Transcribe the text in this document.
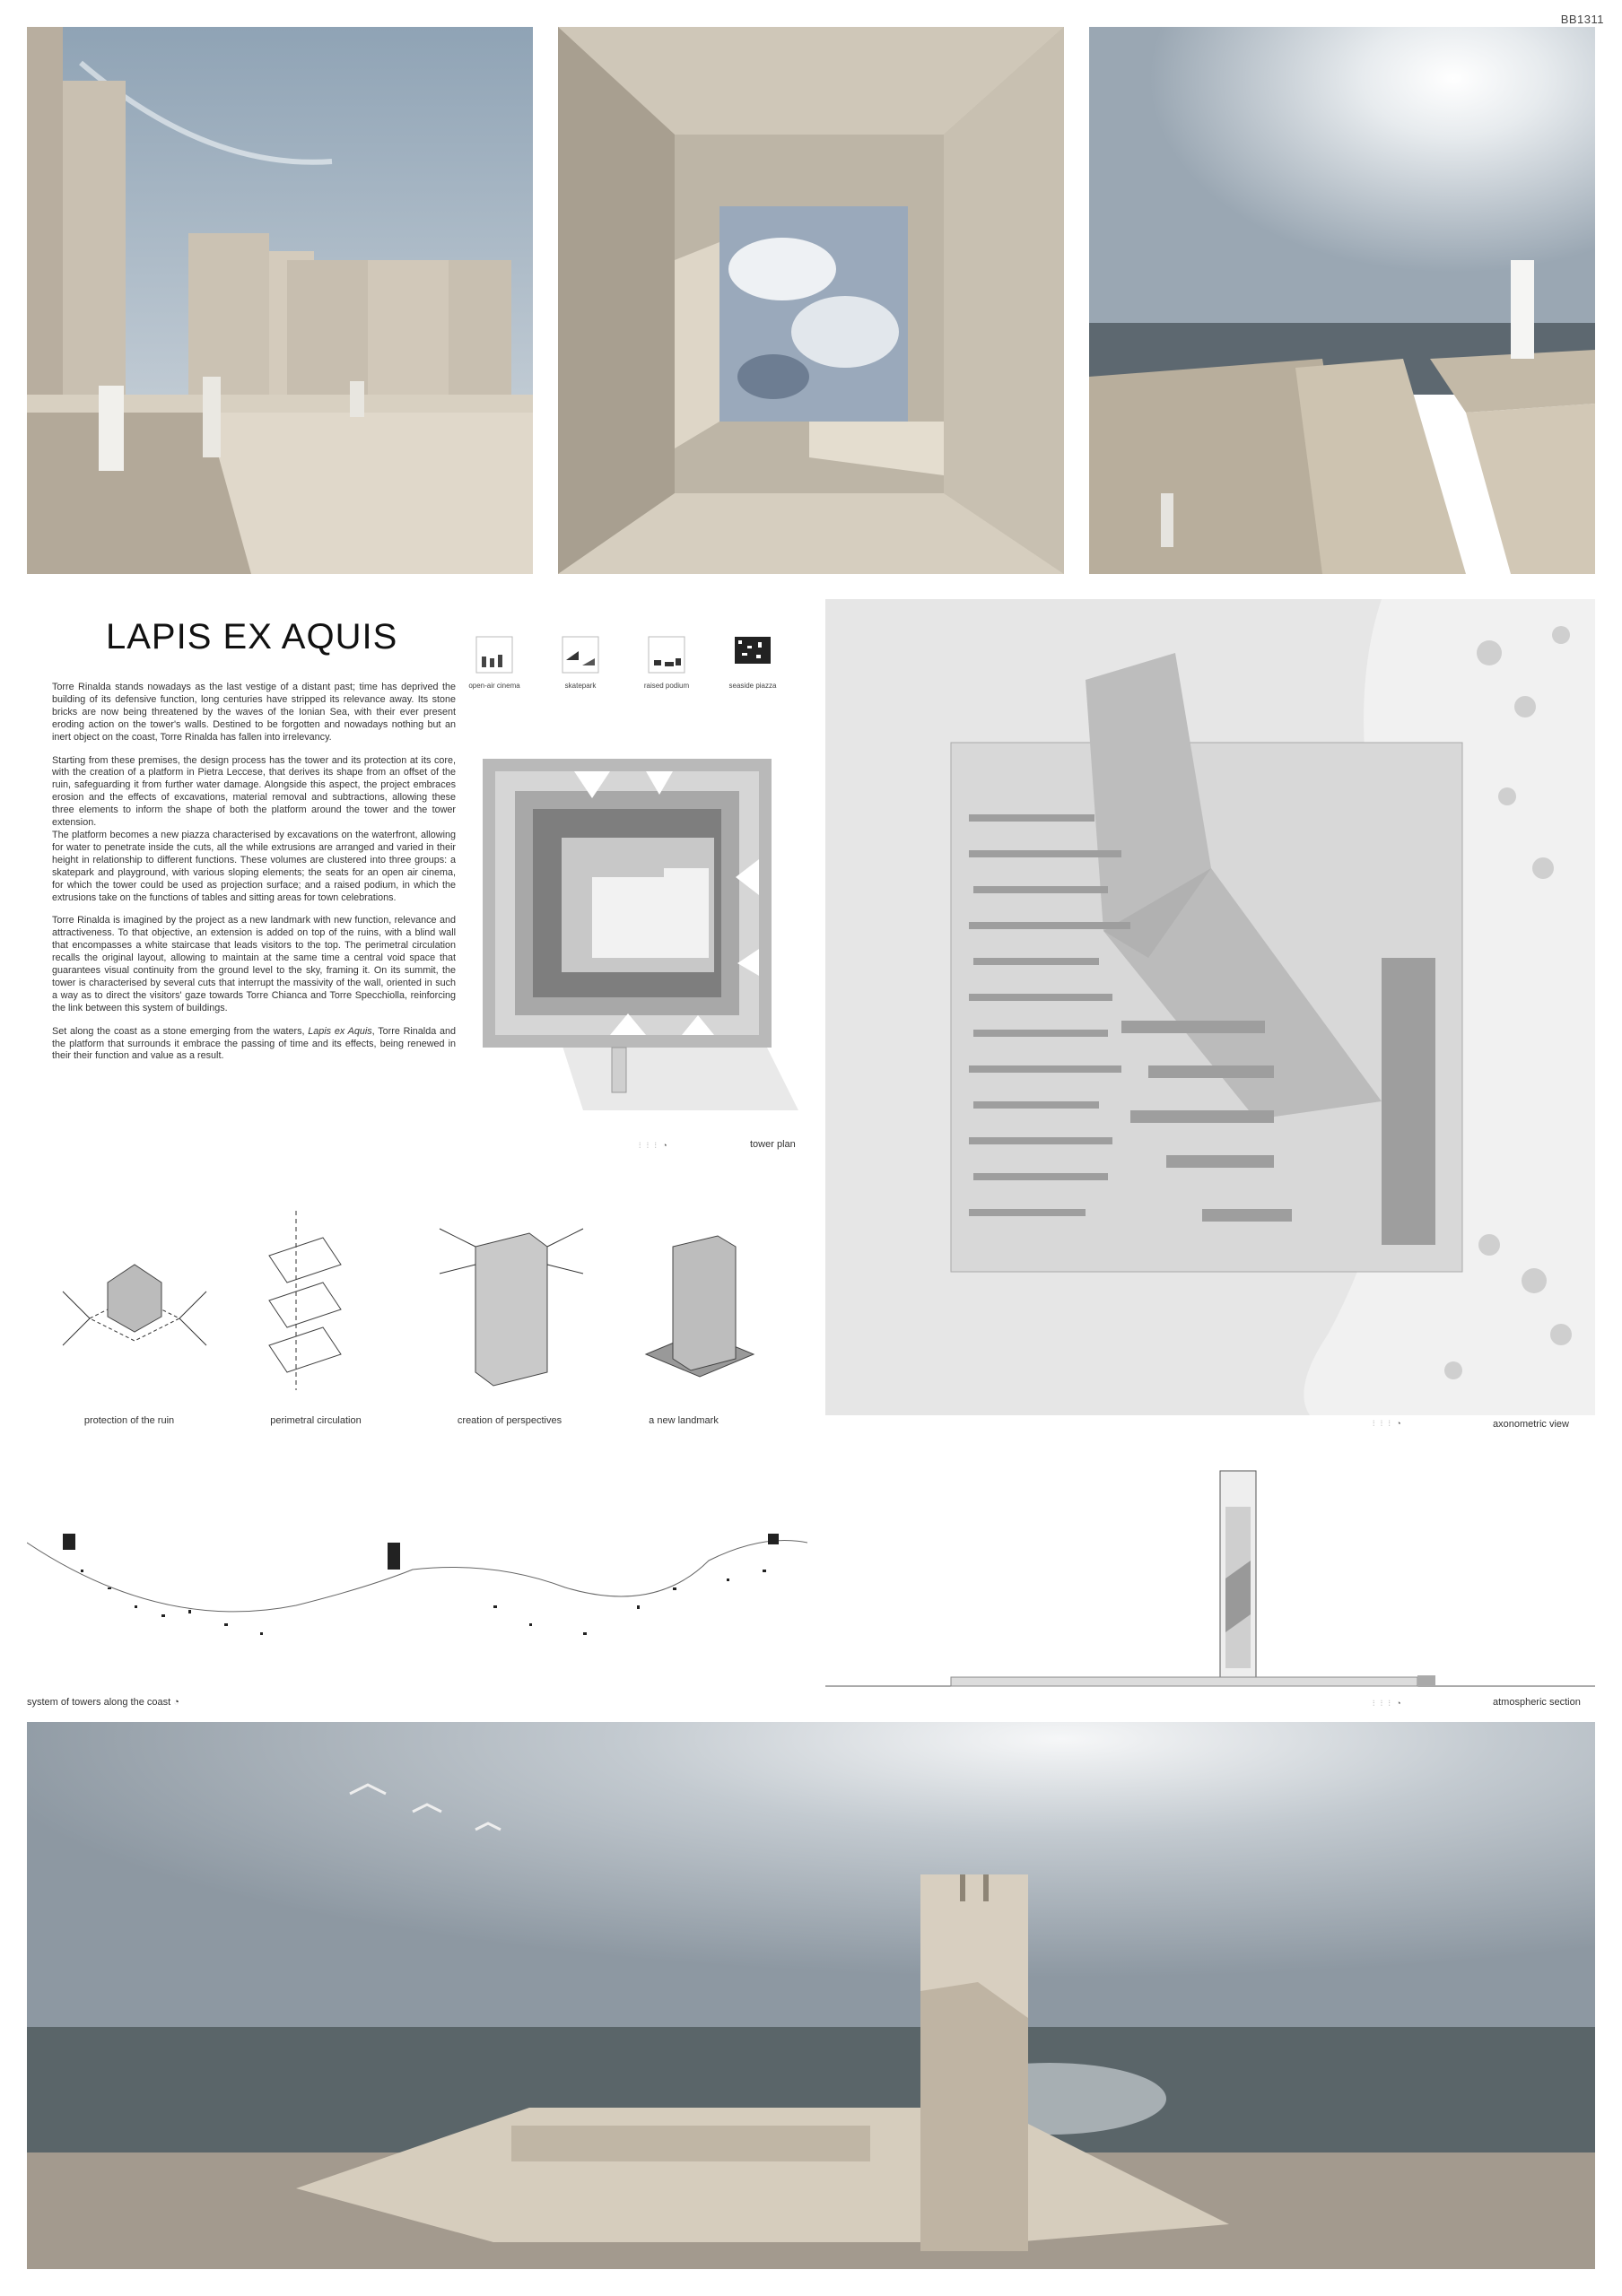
BB1311
LAPIS EX AQUIS

Torre Rinalda stands nowadays as the last vestige of a distant past; time has deprived the building of its defensive function, long centuries have stripped its relevance away. Its stone bricks are now being threatened by the waves of the Ionian Sea, with their ever present eroding action on the tower's walls. Destined to be forgotten and nowadays nothing but an inert object on the coast, Torre Rinalda has fallen into irrelevancy.

Starting from these premises, the design process has the tower and its protection at its core, with the creation of a platform in Pietra Leccese, that derives its shape from an offset of the ruin, safeguarding it from further water damage. Alongside this aspect, the project embraces erosion and the effects of excavations, material removal and subtractions, allowing these three elements to inform the shape of both the platform around the tower and the tower extension.

The platform becomes a new piazza characterised by excavations on the waterfront, allowing for water to penetrate inside the cuts, all the while extrusions are arranged and varied in their height in relationship to different functions. These volumes are clustered into three groups: a skatepark and playground, with various sloping elements; the seats for an open air cinema, for which the tower could be used as projection surface; and a raised podium, in which the extrusions take on the functions of tables and sitting areas for town celebrations.

Torre Rinalda is imagined by the project as a new landmark with new function, relevance and attractiveness. To that objective, an extension is added on top of the ruins, with a blind wall that encompasses a white staircase that leads visitors to the top. The perimetral circulation recalls the original layout, allowing to maintain at the same time a central void space that guarantees visual continuity from the ground level to the sky, framing it. On its summit, the tower is characterised by several cuts that interrupt the massivity of the wall, oriented in such a way as to direct the visitors' gaze towards Torre Chianca and Torre Specchiolla, reinforcing the link between this system of buildings.

Set along the coast as a stone emerging from the waters, Lapis ex Aquis, Torre Rinalda and the platform that surrounds it embrace the passing of time and its effects, being renewed in their their function and value as a result.

open-air cinema	skatepark	raised podium	seaside piazza
⫶ ⫶ ⫶ ◔	tower plan
⫶ ⫶ ⫶ ◔	axonometric view
protection of the ruin	perimetral circulation	creation of perspectives	a new landmark
system of towers along the coast ◔	⫶ ⫶ ⫶ ◔	atmospheric section
